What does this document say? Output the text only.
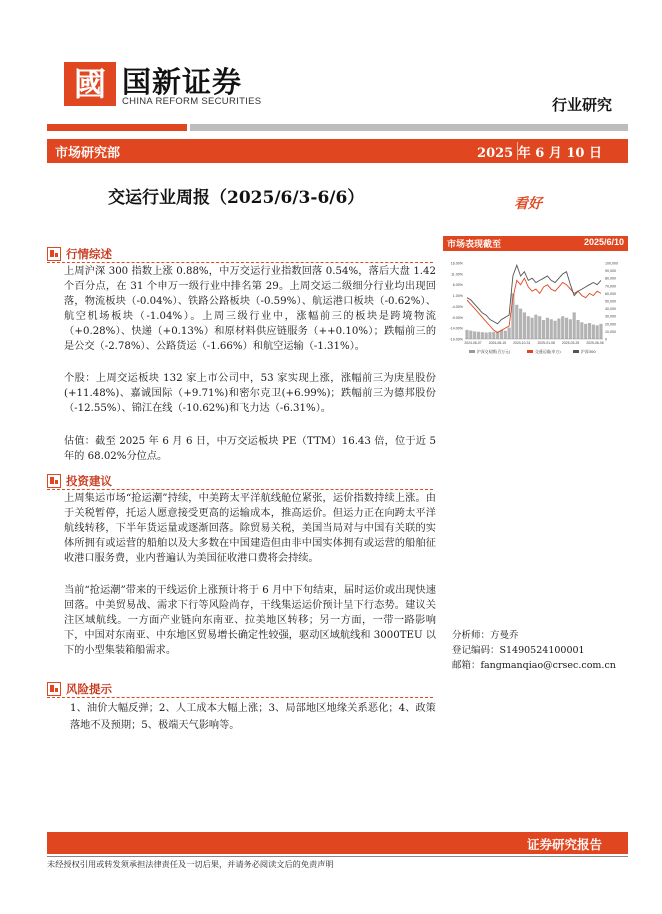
國 国新证券
CHINA REFORM SECURITIES	行业研究
市场研究部	2025 年 6 月 10 日
交运行业周报（2025/6/3-6/6）	看好
行情综述
上周沪深 300 指数上涨 0.88%，中万交运行业指数回落 0.54%，落后大盘 1.42 个百分点，在 31 个申万一级行业中排名第 29。上周交运二级细分行业均出现回落，物流板块（-0.04%）、铁路公路板块（-0.59%）、航运港口板块（-0.62%）、航空机场板块（-1.04%）。上周三级行业中，涨幅前三的板块是跨境物流（+0.28%）、快递（+0.13%）和原材料供应链服务（++0.10%）；跌幅前三的是公交（-2.78%）、公路货运（-1.66%）和航空运输（-1.31%）。
个股：上周交运板块 132 家上市公司中，53 家实现上涨，涨幅前三为庚星股份(+11.48%)、嘉诚国际（+9.71%)和密尔克卫(+6.99%)；跌幅前三为德邦股份（-12.55%）、锦江在线（-10.62%)和飞力达（-6.31%）。
估值：截至 2025 年 6 月 6 日，中万交运板块 PE（TTM）16.43 倍，位于近 5 年的 68.02%分位点。
投资建议
上周集运市场“抢运潮”持续，中美跨太平洋航线舱位紧张，运价指数持续上涨。由于关税暂停，托运人愿意接受更高的运输成本，推高运价。但运力正在向跨太平洋航线转移，下半年货运量或逐渐回落。除贸易关税，美国当局对与中国有关联的实体所拥有或运营的船舶以及大多数在中国建造但由非中国实体拥有或运营的船舶征收港口服务费，业内普遍认为美国征收港口费将会持续。
当前“抢运潮”带来的干线运价上涨预计将于 6 月中下旬结束，届时运价或出现快速回落。中美贸易战、需求下行等风险尚存，干线集运运价预计呈下行态势。建议关注区域航线。一方面产业链向东南亚、拉美地区转移；另一方面，一带一路影响下，中国对东南亚、中东地区贸易增长确定性较强，驱动区域航线和 3000TEU 以下的小型集装箱船需求。
风险提示
1、油价大幅反弹；2、人工成本大幅上涨；3、局部地区地缘关系恶化；4、政策落地不及预期；5、极端天气影响等。
市场表现截至	2025/6/10
16.00%
11.00%
6.00%
1.00%
-4.00%
-9.00%
-14.00%
-19.00%
100,000
90,000
80,000
70,000
60,000
50,000
40,000
30,000
20,000
10,000
0
2024-06-07 2024-08-15 2024-10-31 2025-01-08 2025-03-25 2025-06-06
沪深交易额(百万元)	交通运输(申万)	沪深300
分析师：方曼乔
登记编码：S1490524100001
邮箱：fangmanqiao@crsec.com.cn
证券研究报告
未经授权引用或转发须承担法律责任及一切后果，并请务必阅读文后的免责声明
